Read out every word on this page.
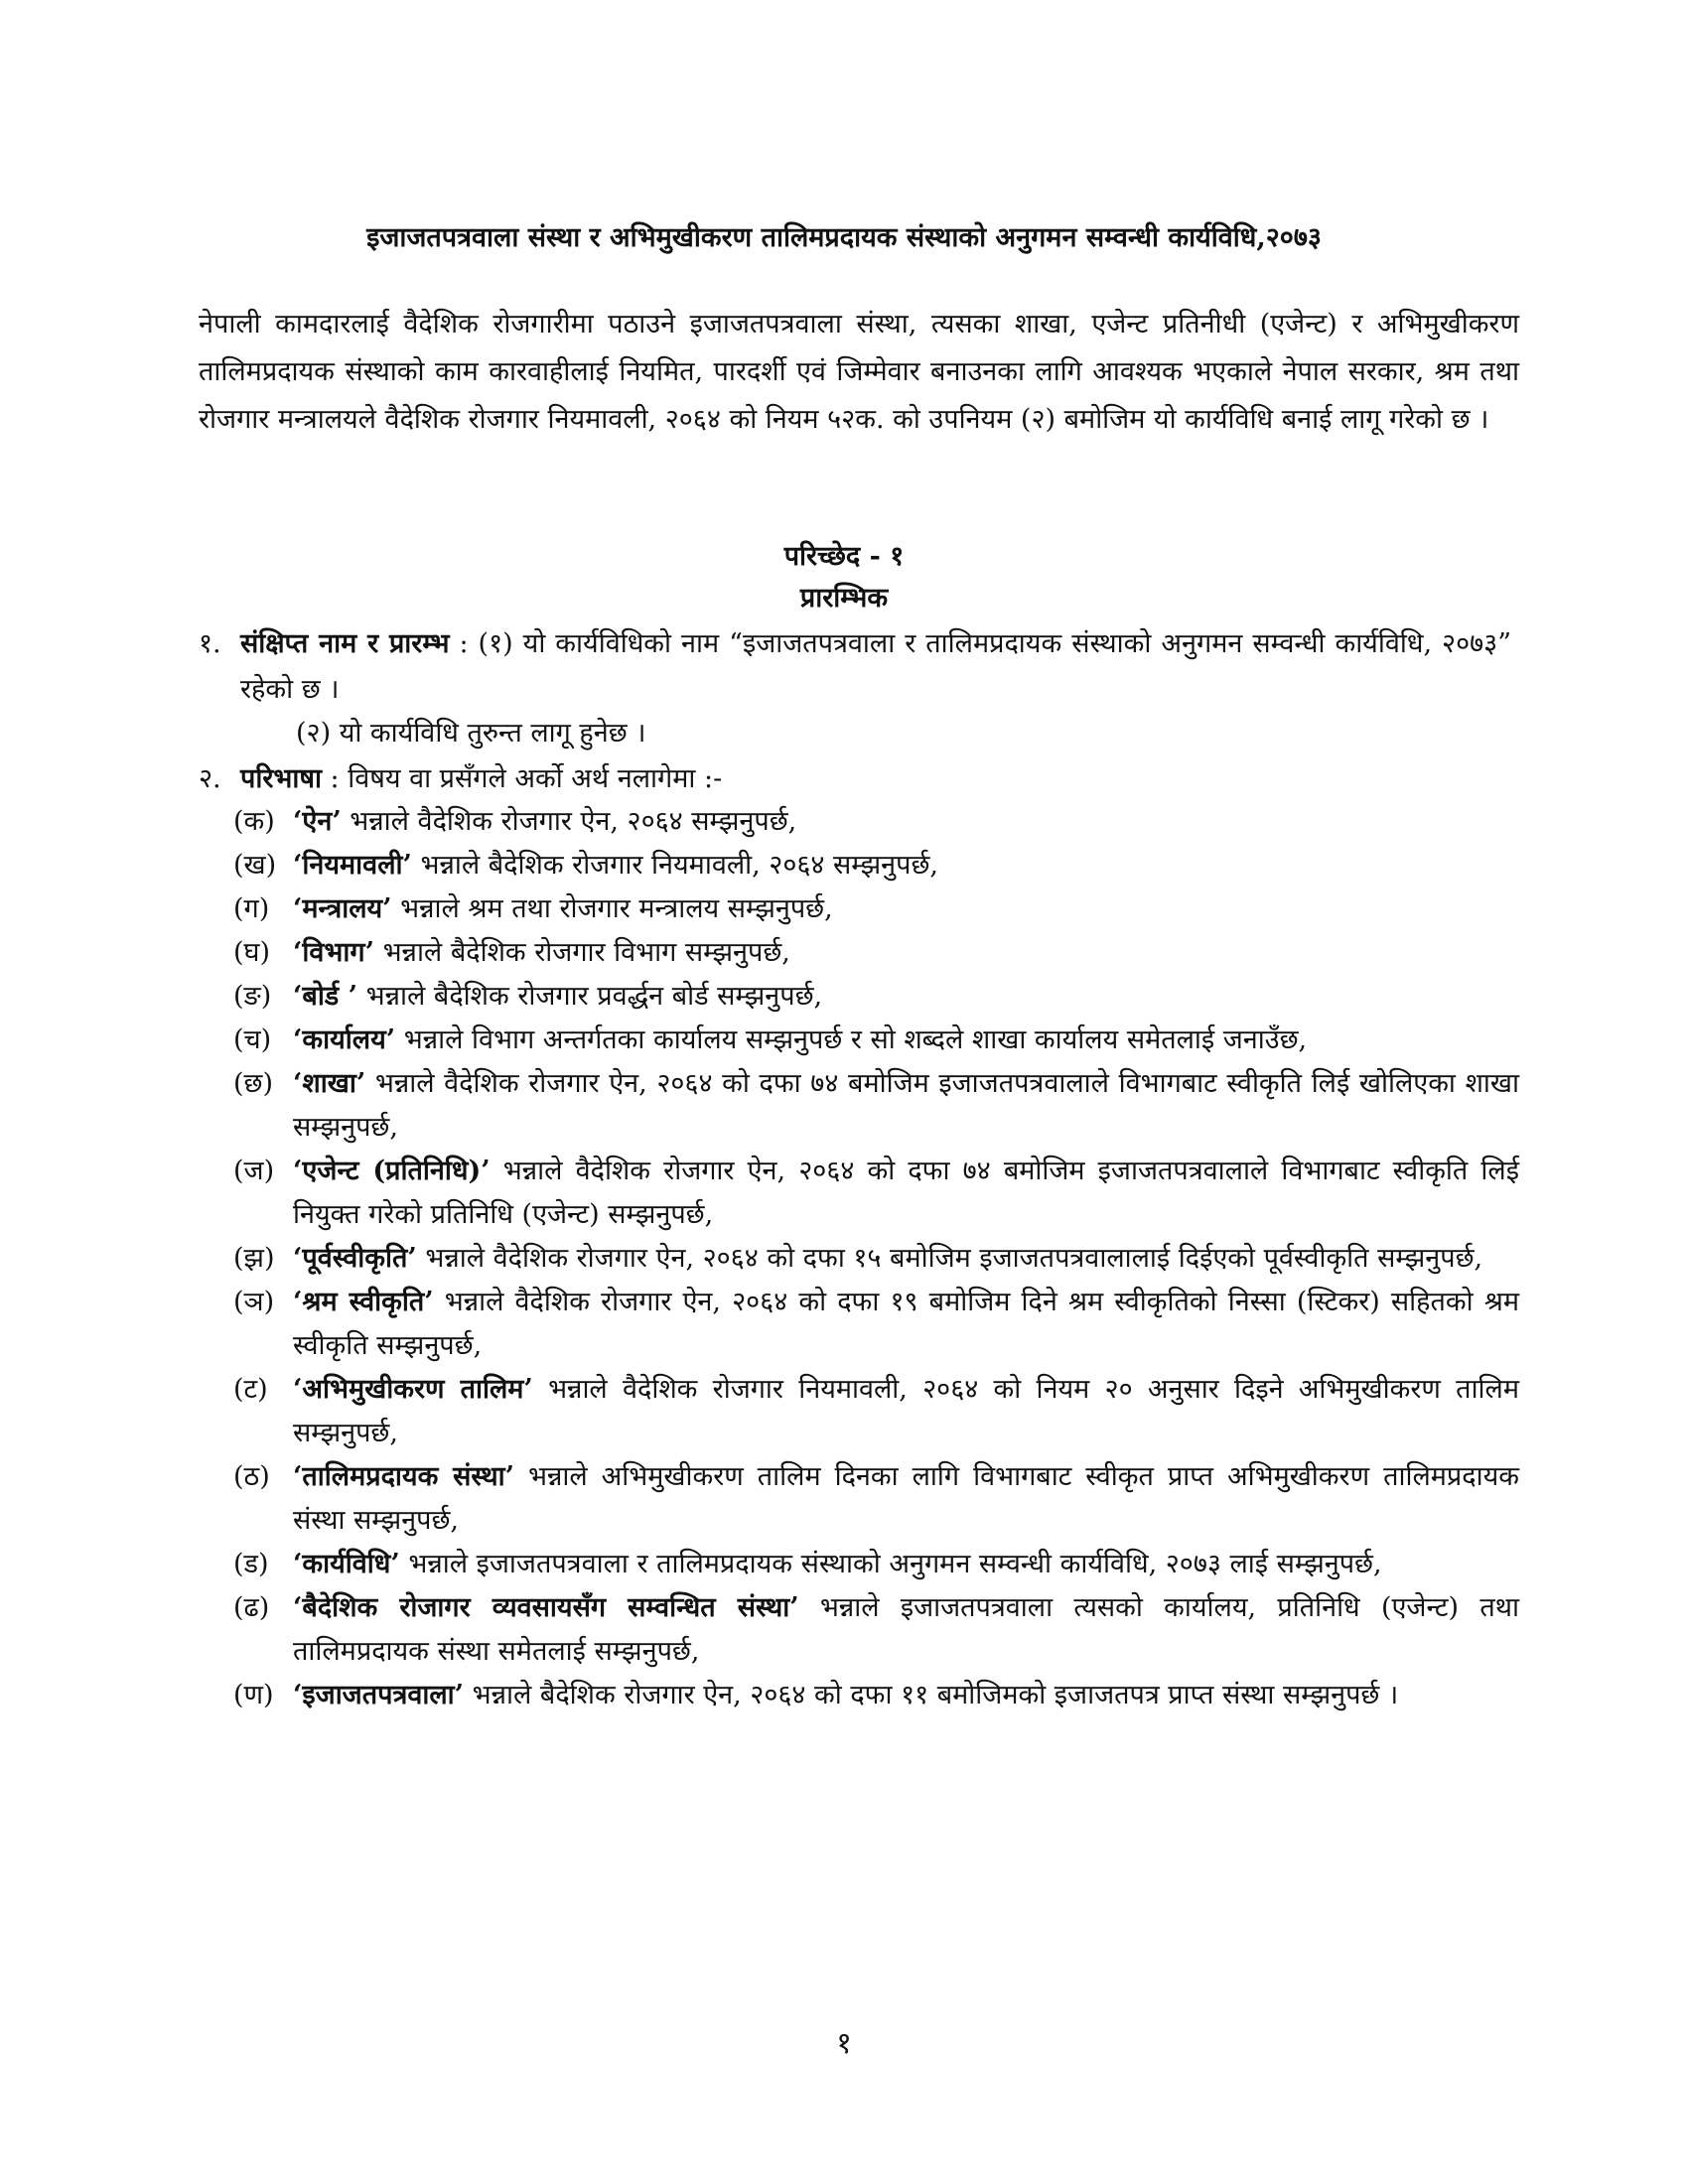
इजाजतपत्रवाला संस्था र अभिमुखीकरण तालिमप्रदायक संस्थाको अनुगमन सम्वन्धी कार्यविधि,२०७३

नेपाली कामदारलाई वैदेशिक रोजगारीमा पठाउने इजाजतपत्रवाला संस्था, त्यसका शाखा, एजेन्ट प्रतिनीधी (एजेन्ट) र अभिमुखीकरण तालिमप्रदायक संस्थाको काम कारवाहीलाई नियमित, पारदर्शी एवं जिम्मेवार बनाउनका लागि आवश्यक भएकाले नेपाल सरकार, श्रम तथा रोजगार मन्त्रालयले वैदेशिक रोजगार नियमावली, २०६४ को नियम ५२क. को उपनियम (२) बमोजिम यो कार्यविधि बनाई लागू गरेको छ ।

परिच्छेद - १
प्रारम्भिक
१. संक्षिप्त नाम र प्रारम्भ : (१) यो कार्यविधिको नाम “इजाजतपत्रवाला र तालिमप्रदायक संस्थाको अनुगमन सम्वन्धी कार्यविधि, २०७३” रहेको छ ।
(२) यो कार्यविधि तुरुन्त लागू हुनेछ ।
२. परिभाषा : विषय वा प्रसँगले अर्को अर्थ नलागेमा :-
(क) ‘ऐन’ भन्नाले वैदेशिक रोजगार ऐन, २०६४ सम्झनुपर्छ,
(ख) ‘नियमावली’ भन्नाले बैदेशिक रोजगार नियमावली, २०६४ सम्झनुपर्छ,
(ग) ‘मन्त्रालय’ भन्नाले श्रम तथा रोजगार मन्त्रालय सम्झनुपर्छ,
(घ) ‘विभाग’ भन्नाले बैदेशिक रोजगार विभाग सम्झनुपर्छ,
(ङ) ‘बोर्ड ’ भन्नाले बैदेशिक रोजगार प्रवर्द्धन बोर्ड सम्झनुपर्छ,
(च) ‘कार्यालय’ भन्नाले विभाग अन्तर्गतका कार्यालय सम्झनुपर्छ र सो शब्दले शाखा कार्यालय समेतलाई जनाउँछ,
(छ) ‘शाखा’ भन्नाले वैदेशिक रोजगार ऐन, २०६४ को दफा ७४ बमोजिम इजाजतपत्रवालाले विभागबाट स्वीकृति लिई खोलिएका शाखा सम्झनुपर्छ,
(ज) ‘एजेन्ट (प्रतिनिधि)’ भन्नाले वैदेशिक रोजगार ऐन, २०६४ को दफा ७४ बमोजिम इजाजतपत्रवालाले विभागबाट स्वीकृति लिई नियुक्त गरेको प्रतिनिधि (एजेन्ट) सम्झनुपर्छ,
(झ) ‘पूर्वस्वीकृति’ भन्नाले वैदेशिक रोजगार ऐन, २०६४ को दफा १५ बमोजिम इजाजतपत्रवालालाई दिईएको पूर्वस्वीकृति सम्झनुपर्छ,
(ञ) ‘श्रम स्वीकृति’ भन्नाले वैदेशिक रोजगार ऐन, २०६४ को दफा १९ बमोजिम दिने श्रम स्वीकृतिको निस्सा (स्टिकर) सहितको श्रम स्वीकृति सम्झनुपर्छ,
(ट) ‘अभिमुखीकरण तालिम’ भन्नाले वैदेशिक रोजगार नियमावली, २०६४ को नियम २० अनुसार दिइने अभिमुखीकरण तालिम सम्झनुपर्छ,
(ठ) ‘तालिमप्रदायक संस्था’ भन्नाले अभिमुखीकरण तालिम दिनका लागि विभागबाट स्वीकृत प्राप्त अभिमुखीकरण तालिमप्रदायक संस्था सम्झनुपर्छ,
(ड) ‘कार्यविधि’ भन्नाले इजाजतपत्रवाला र तालिमप्रदायक संस्थाको अनुगमन सम्वन्धी कार्यविधि, २०७३ लाई सम्झनुपर्छ,
(ढ) ‘बैदेशिक रोजागर व्यवसायसँग सम्वन्धित संस्था’ भन्नाले इजाजतपत्रवाला त्यसको कार्यालय, प्रतिनिधि (एजेन्ट) तथा तालिमप्रदायक संस्था समेतलाई सम्झनुपर्छ,
(ण) ‘इजाजतपत्रवाला’ भन्नाले बैदेशिक रोजगार ऐन, २०६४ को दफा ११ बमोजिमको इजाजतपत्र प्राप्त संस्था सम्झनुपर्छ ।
१
